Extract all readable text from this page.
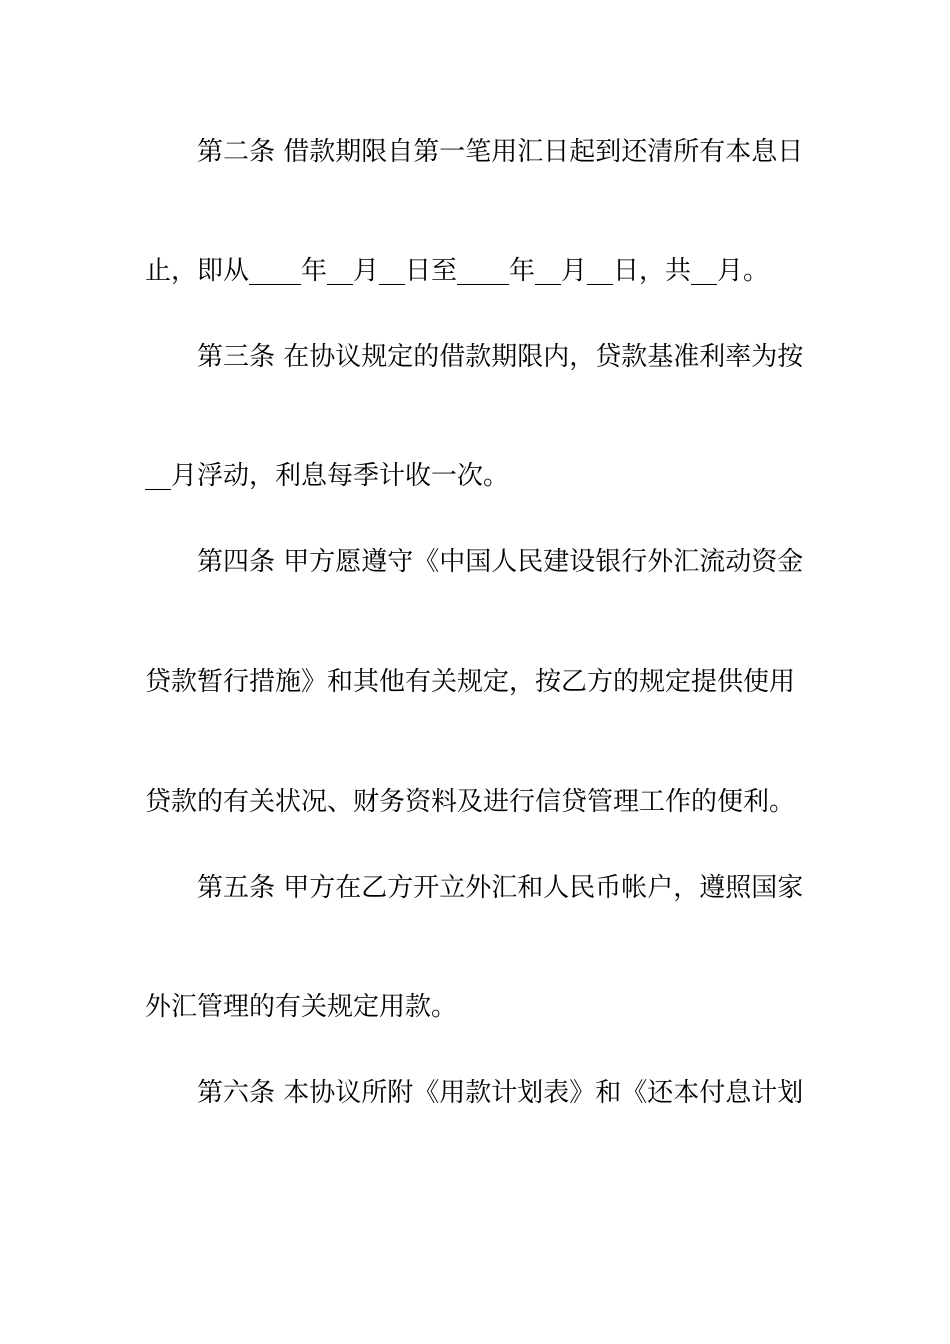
第二条 借款期限自第一笔用汇日起到还清所有本息日
止，即从____年__月__日至____年__月__日，共__月。
第三条 在协议规定的借款期限内，贷款基准利率为按
__月浮动，利息每季计收一次。
第四条 甲方愿遵守《中国人民建设银行外汇流动资金
贷款暂行措施》和其他有关规定，按乙方的规定提供使用
贷款的有关状况、财务资料及进行信贷管理工作的便利。
第五条 甲方在乙方开立外汇和人民币帐户，遵照国家
外汇管理的有关规定用款。
第六条 本协议所附《用款计划表》和《还本付息计划
